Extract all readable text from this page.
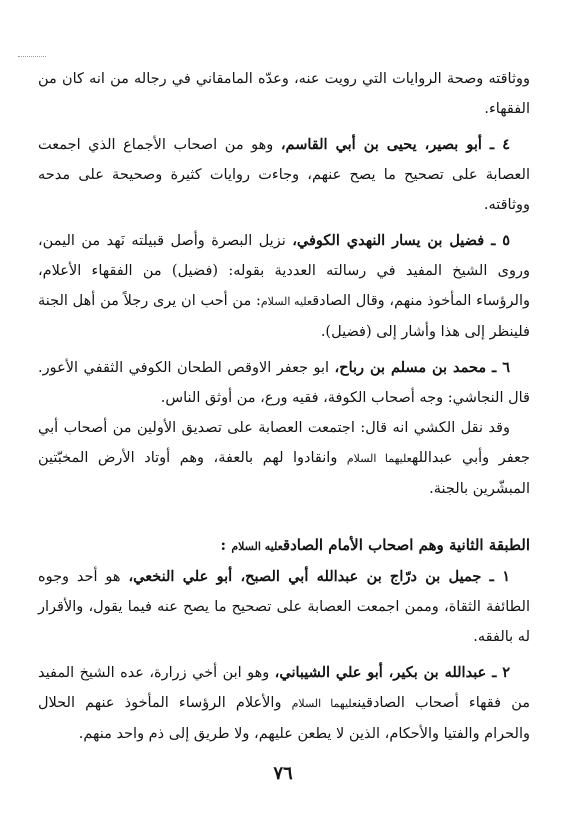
ووثاقته وصحة الروايات التي رويت عنه، وعدّه المامقاني في رجاله من انه كان من الفقهاء.

٤ ـ أبو بصير، يحيى بن أبي القاسم، وهو من اصحاب الأجماع الذي اجمعت العصابة على تصحيح ما يصح عنهم، وجاءت روايات كثيرة وصحيحة على مدحه ووثاقته.

٥ ـ فضيل بن يسار النهدي الكوفي، نزيل البصرة وأصل قبيلته نَهد من اليمن، وروى الشيخ المفيد في رسالته العددية بقوله: (فضيل) من الفقهاء الأعلام، والرؤساء المأخوذ منهم، وقال الصادقعليه السلام: من أحب ان يرى رجلاً من أهل الجنة فلينظر إلى هذا وأشار إلى (فضيل).

٦ ـ محمد بن مسلم بن رباح، ابو جعفر الاوقص الطحان الكوفي الثقفي الأعور. قال النجاشي: وجه أصحاب الكوفة، فقيه ورع، من أوثق الناس.

وقد نقل الكشي انه قال: اجتمعت العصابة على تصديق الأولين من أصحاب أبي جعفر وأبي عبداللهعليهما السلام وانقادوا لهم بالعفة، وهم أوتاد الأرض المخبّتين المبشّرين بالجنة.

الطبقة الثانية وهم اصحاب الأمام الصادقعليه السلام :

١ ـ جميل بن درّاج بن عبدالله أبي الصبح، أبو علي النخعي، هو أحد وجوه الطائفة الثقاة، وممن اجمعت العصابة على تصحيح ما يصح عنه فيما يقول، والأقرار له بالفقه.

٢ ـ عبدالله بن بكير، أبو علي الشيباني، وهو ابن أخي زرارة، عده الشيخ المفيد من فقهاء أصحاب الصادقينعليهما السلام والأعلام الرؤساء المأخوذ عنهم الحلال والحرام والفتيا والأحكام، الذين لا يطعن عليهم، ولا طريق إلى ذم واحد منهم.

٧٦
